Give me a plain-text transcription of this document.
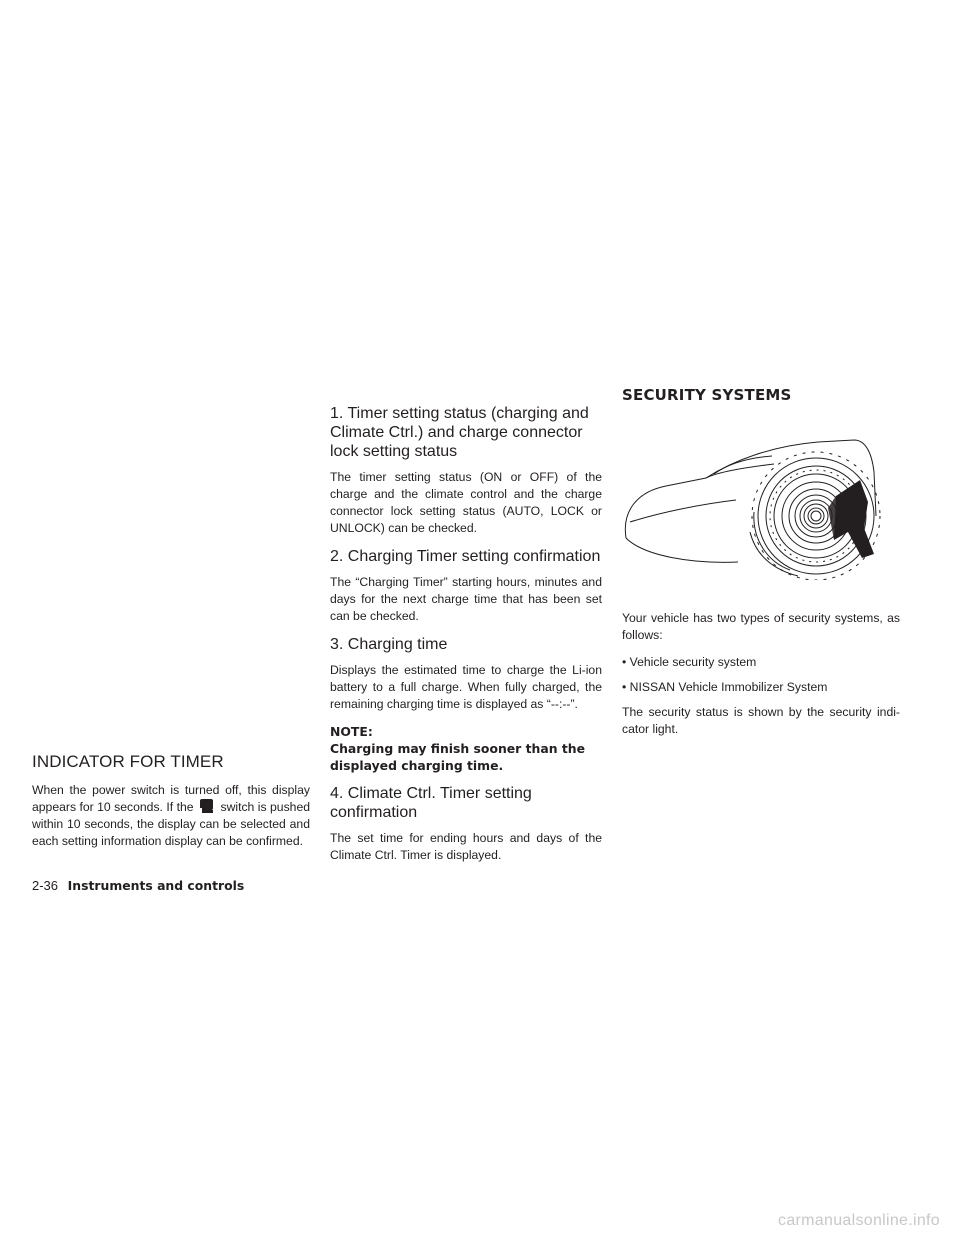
INDICATOR FOR TIMER

When the power switch is turned off, this display appears for 10 seconds. If the switch is pushed within 10 seconds, the display can be selected and each setting information display can be confirmed.

1. Timer setting status (charging and Climate Ctrl.) and charge connector lock setting status

The timer setting status (ON or OFF) of the charge and the climate control and the charge connector lock setting status (AUTO, LOCK or UNLOCK) can be checked.

2. Charging Timer setting confirmation

The “Charging Timer” starting hours, minutes and days for the next charge time that has been set can be checked.

3. Charging time

Displays the estimated time to charge the Li-ion battery to a full charge. When fully charged, the remaining charging time is displayed as “--:--”.

NOTE:

Charging may finish sooner than the displayed charging time.

4. Climate Ctrl. Timer setting confirmation

The set time for ending hours and days of the Climate Ctrl. Timer is displayed.

SECURITY SYSTEMS

Your vehicle has two types of security systems, as follows:

• Vehicle security system

• NISSAN Vehicle Immobilizer System

The security status is shown by the security indi- cator light.

2-36 Instruments and controls
carmanualsonline.info
